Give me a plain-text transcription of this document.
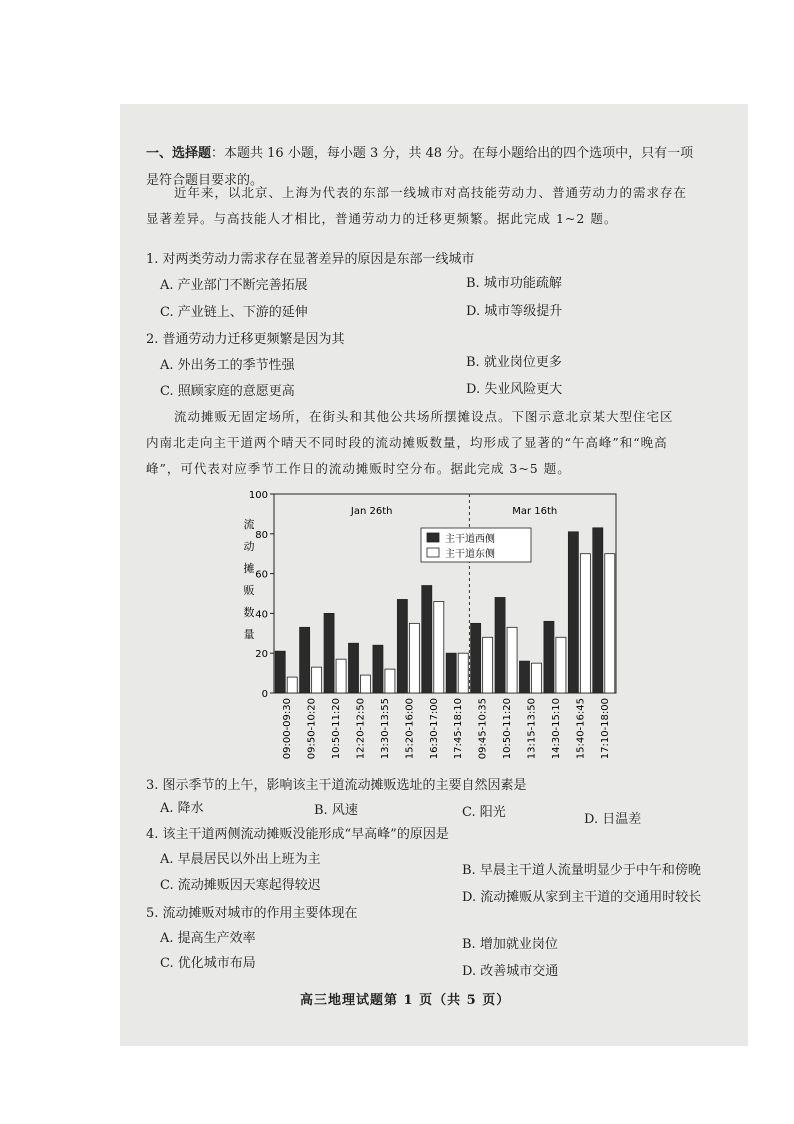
一、选择题：本题共 16 小题，每小题 3 分，共 48 分。在每小题给出的四个选项中，只有一项
是符合题目要求的。
近年来，以北京、上海为代表的东部一线城市对高技能劳动力、普通劳动力的需求存在
显著差异。与高技能人才相比，普通劳动力的迁移更频繁。据此完成 1~2 题。
1. 对两类劳动力需求存在显著差异的原因是东部一线城市
A. 产业部门不断完善拓展	B. 城市功能疏解
C. 产业链上、下游的延伸	D. 城市等级提升
2. 普通劳动力迁移更频繁是因为其
A. 外出务工的季节性强	B. 就业岗位更多
C. 照顾家庭的意愿更高	D. 失业风险更大
流动摊贩无固定场所，在街头和其他公共场所摆摊设点。下图示意北京某大型住宅区
内南北走向主干道两个晴天不同时段的流动摊贩数量，均形成了显著的“午高峰”和“晚高
峰”，可代表对应季节工作日的流动摊贩时空分布。据此完成 3~5 题。
流
动
摊
贩
数
量
0
20
40
60
80
100
09:00-09:30 09:50-10:20 10:50-11:20 12:20-12:50 13:30-13:55 15:20-16:00 16:30-17:00 17:45-18:10 09:45-10:35 10:50-11:20 13:15-13:50 14:30-15:10 15:40-16:45 17:10-18:00
Jan 26th	Mar 16th
主干道西侧
主干道东侧
3. 图示季节的上午，影响该主干道流动摊贩选址的主要自然因素是
A. 降水	B. 风速	C. 阳光	D. 日温差
4. 该主干道两侧流动摊贩没能形成“早高峰”的原因是
A. 早晨居民以外出上班为主
B. 早晨主干道人流量明显少于中午和傍晚
C. 流动摊贩因天寒起得较迟
D. 流动摊贩从家到主干道的交通用时较长
5. 流动摊贩对城市的作用主要体现在
A. 提高生产效率	B. 增加就业岗位
C. 优化城市布局
D. 改善城市交通
高三地理试题第 1 页（共 5 页）
